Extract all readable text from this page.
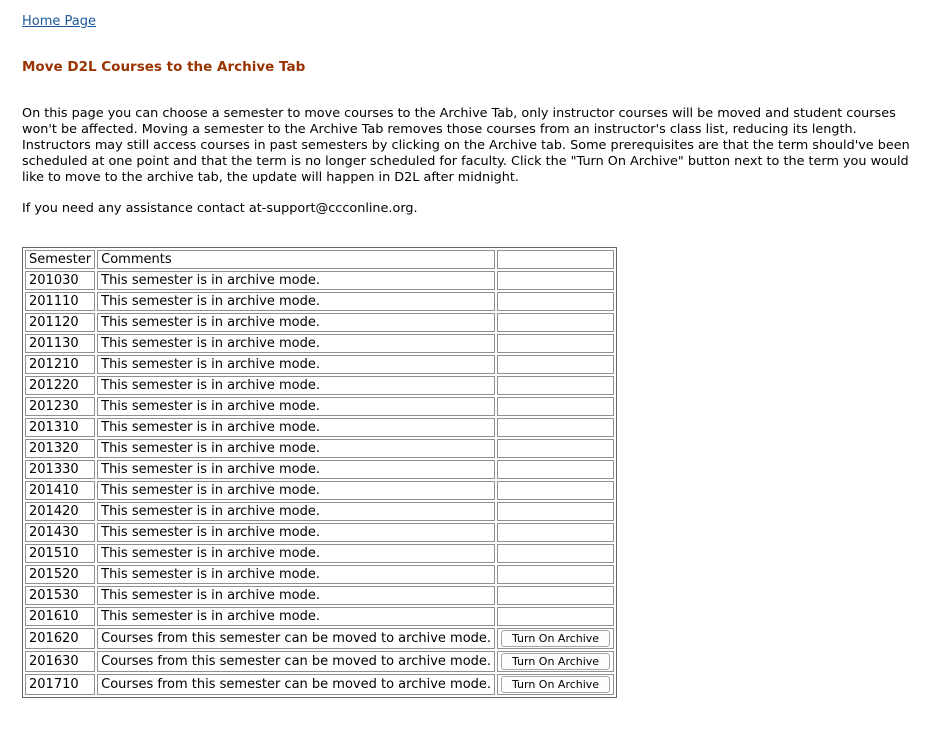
Home Page
Move D2L Courses to the Archive Tab

On this page you can choose a semester to move courses to the Archive Tab, only instructor courses will be moved and student courses won't be affected. Moving a semester to the Archive Tab removes those courses from an instructor's class list, reducing its length. Instructors may still access courses in past semesters by clicking on the Archive tab. Some prerequisites are that the term should've been scheduled at one point and that the term is no longer scheduled for faculty. Click the "Turn On Archive" button next to the term you would like to move to the archive tab, the update will happen in D2L after midnight.

If you need any assistance contact at-support@ccconline.org.

Semester	Comments	
201030	This semester is in archive mode.	
201110	This semester is in archive mode.	
201120	This semester is in archive mode.	
201130	This semester is in archive mode.	
201210	This semester is in archive mode.	
201220	This semester is in archive mode.	
201230	This semester is in archive mode.	
201310	This semester is in archive mode.	
201320	This semester is in archive mode.	
201330	This semester is in archive mode.	
201410	This semester is in archive mode.	
201420	This semester is in archive mode.	
201430	This semester is in archive mode.	
201510	This semester is in archive mode.	
201520	This semester is in archive mode.	
201530	This semester is in archive mode.	
201610	This semester is in archive mode.	
201620	Courses from this semester can be moved to archive mode.	Turn On Archive

201630	Courses from this semester can be moved to archive mode.	Turn On Archive

201710	Courses from this semester can be moved to archive mode.	Turn On Archive
